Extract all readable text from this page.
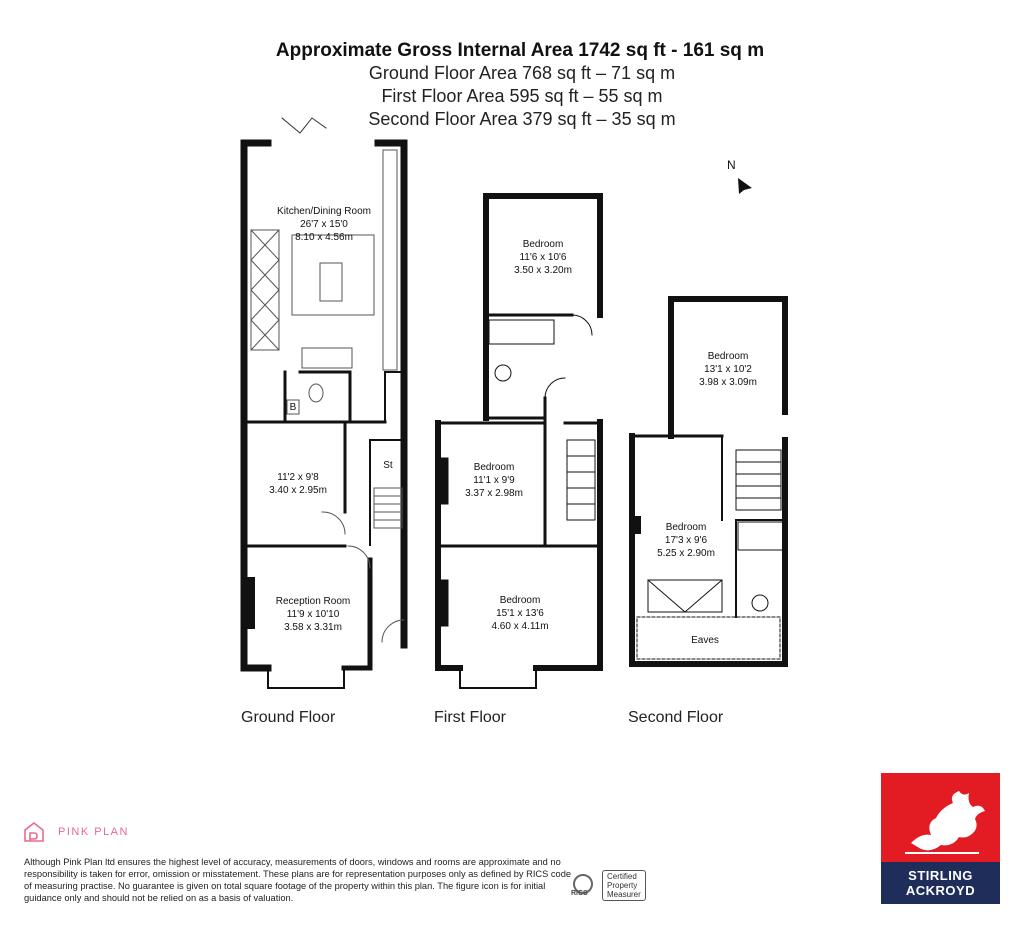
Approximate Gross Internal Area 1742 sq ft - 161 sq m
Ground Floor Area 768 sq ft – 71 sq m
First Floor Area 595 sq ft – 55 sq m
Second Floor Area 379 sq ft – 35 sq m
N
Kitchen/Dining Room
26'7 x 15'0
8.10 x 4.56m
11'2 x 9'8
3.40 x 2.95m
Reception Room
11'9 x 10'10
3.58 x 3.31m
B
St
Ground Floor
Bedroom
11'6 x 10'6
3.50 x 3.20m
Bedroom
11'1 x 9'9
3.37 x 2.98m
Bedroom
15'1 x 13'6
4.60 x 4.11m
First Floor
Bedroom
13'1 x 10'2
3.98 x 3.09m
Bedroom
17'3 x 9'6
5.25 x 2.90m
Eaves
Second Floor
PINK PLAN
Although Pink Plan ltd ensures the highest level of accuracy, measurements of doors, windows and rooms are approximate and no responsibility is taken for error, omission or misstatement. These plans are for representation purposes only as defined by RICS code of measuring practise. No guarantee is given on total square footage of the property within this plan. The figure icon is for initial guidance only and should not be relied on as a basis of valuation.	RICS
Certified
Property
Measurer
STIRLING
ACKROYD
